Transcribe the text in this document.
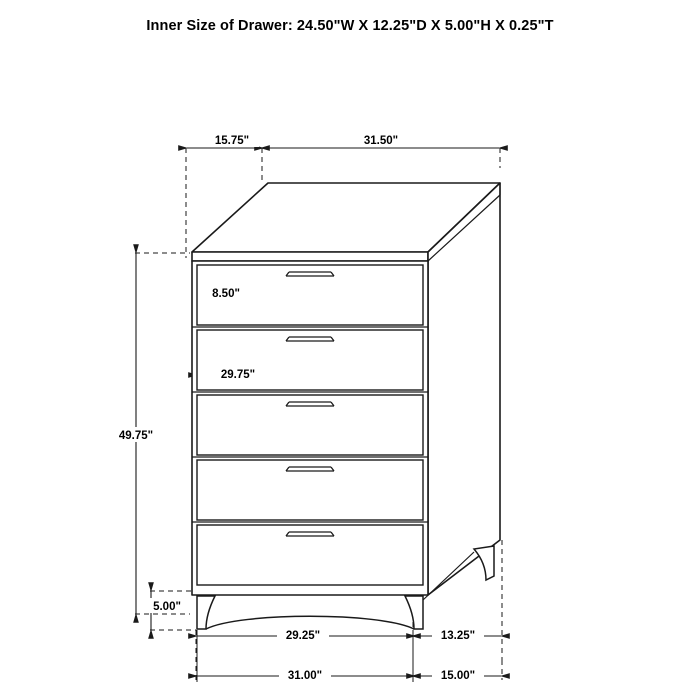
Inner Size of Drawer: 24.50"W X 12.25"D X 5.00"H X 0.25"T
15.75"	31.50"
8.50"
29.75"
49.75"
5.00"
29.25"	13.25"
31.00"	15.00"
